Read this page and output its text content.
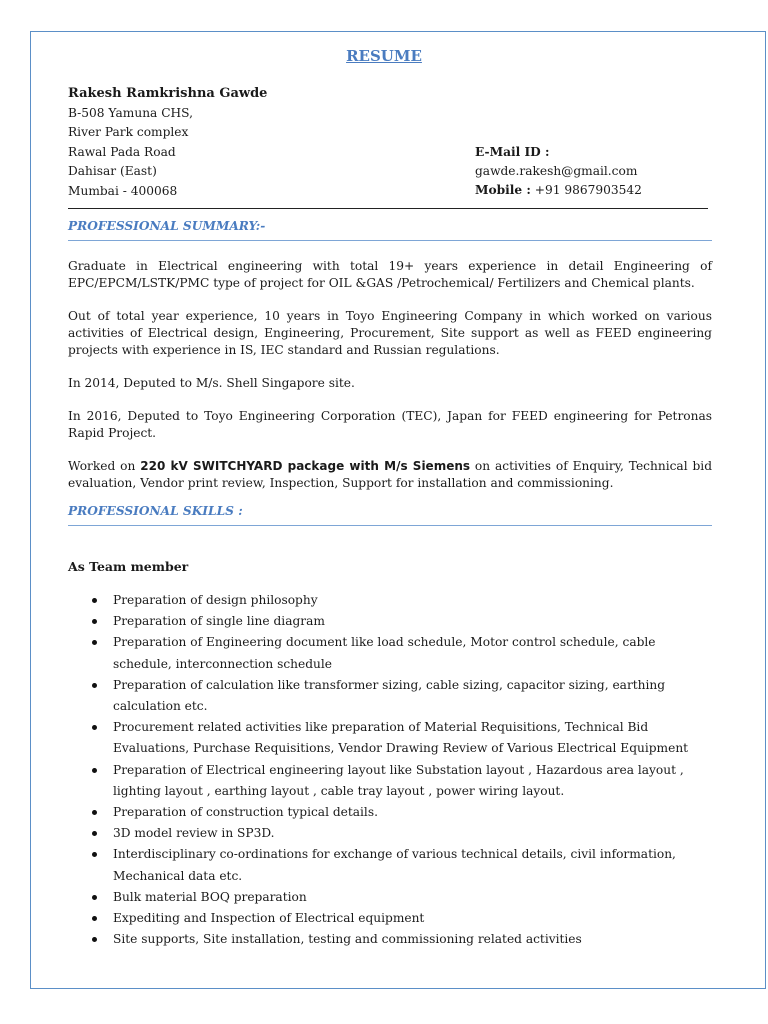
RESUME

Rakesh Ramkrishna Gawde

B-508 Yamuna CHS,

River Park complex

Rawal Pada Road

Dahisar (East)

Mumbai - 400068

E-Mail ID : gawde.rakesh@gmail.com
Mobile : +91 9867903542

PROFESSIONAL SUMMARY:-

Graduate in Electrical engineering with total 19+ years experience in detail Engineering of EPC/EPCM/LSTK/PMC type of project for OIL &GAS /Petrochemical/ Fertilizers and Chemical plants.

Out of total year experience, 10 years in Toyo Engineering Company in which worked on various activities of Electrical design, Engineering, Procurement, Site support as well as FEED engineering projects with experience in IS, IEC standard and Russian regulations.

In 2014, Deputed to M/s. Shell Singapore site.

In 2016, Deputed to Toyo Engineering Corporation (TEC), Japan for FEED engineering for Petronas Rapid Project.

Worked on 220 kV SWITCHYARD package with M/s Siemens on activities of Enquiry, Technical bid evaluation, Vendor print review, Inspection, Support for installation and commissioning.

PROFESSIONAL SKILLS :

As Team member

Preparation of design philosophy
Preparation of single line diagram
Preparation of Engineering document like load schedule, Motor control schedule, cable schedule, interconnection schedule
Preparation of calculation like transformer sizing, cable sizing, capacitor sizing, earthing calculation etc.
Procurement related activities like preparation of Material Requisitions, Technical Bid Evaluations, Purchase Requisitions, Vendor Drawing Review of Various Electrical Equipment
Preparation of Electrical engineering layout like Substation layout , Hazardous area layout , lighting layout , earthing layout , cable tray layout , power wiring layout.
Preparation of construction typical details.
3D model review in SP3D.
Interdisciplinary co-ordinations for exchange of various technical details, civil information, Mechanical data etc.
Bulk material BOQ preparation
Expediting and Inspection of Electrical equipment
Site supports, Site installation, testing and commissioning related activities
